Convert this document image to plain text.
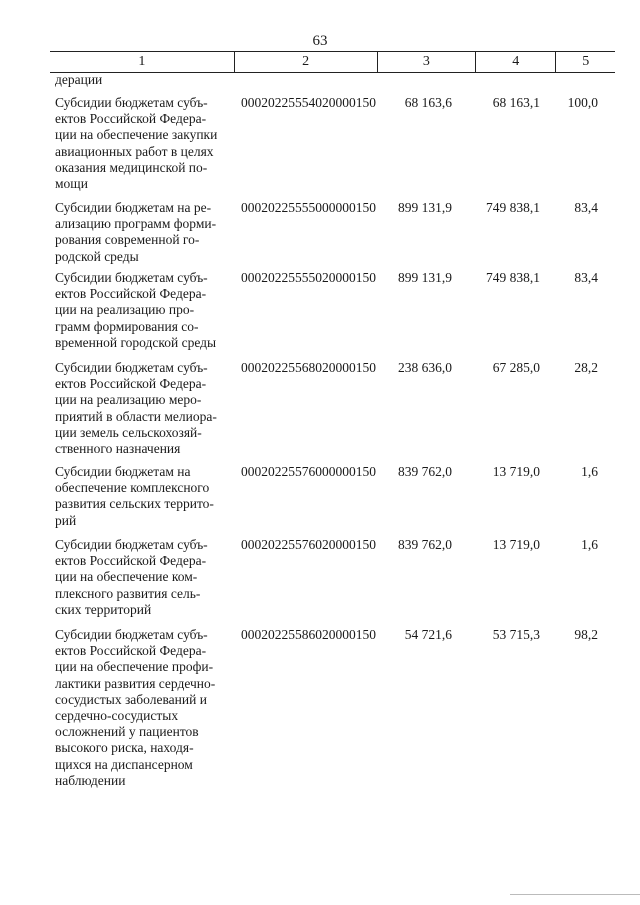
63
1	2	3	4	5
дерации
Субсидии бюджетам субъ-
ектов Российской Федера-
ции на обеспечение закупки
авиационных работ в целях
оказания медицинской по-
мощи
00020225554020000150	68 163,6	68 163,1	100,0
Субсидии бюджетам на ре-
ализацию программ форми-
рования современной го-
родской среды
00020225555000000150	899 131,9	749 838,1	83,4
Субсидии бюджетам субъ-
ектов Российской Федера-
ции на реализацию про-
грамм формирования со-
временной городской среды
00020225555020000150	899 131,9	749 838,1	83,4
Субсидии бюджетам субъ-
ектов Российской Федера-
ции на реализацию меро-
приятий в области мелиора-
ции земель сельскохозяй-
ственного назначения
00020225568020000150	238 636,0	67 285,0	28,2
Субсидии бюджетам на
обеспечение комплексного
развития сельских террито-
рий
00020225576000000150	839 762,0	13 719,0	1,6
Субсидии бюджетам субъ-
ектов Российской Федера-
ции на обеспечение ком-
плексного развития сель-
ских территорий
00020225576020000150	839 762,0	13 719,0	1,6
Субсидии бюджетам субъ-
ектов Российской Федера-
ции на обеспечение профи-
лактики развития сердечно-
сосудистых заболеваний и
сердечно-сосудистых
осложнений у пациентов
высокого риска, находя-
щихся на диспансерном
наблюдении
00020225586020000150	54 721,6	53 715,3	98,2
